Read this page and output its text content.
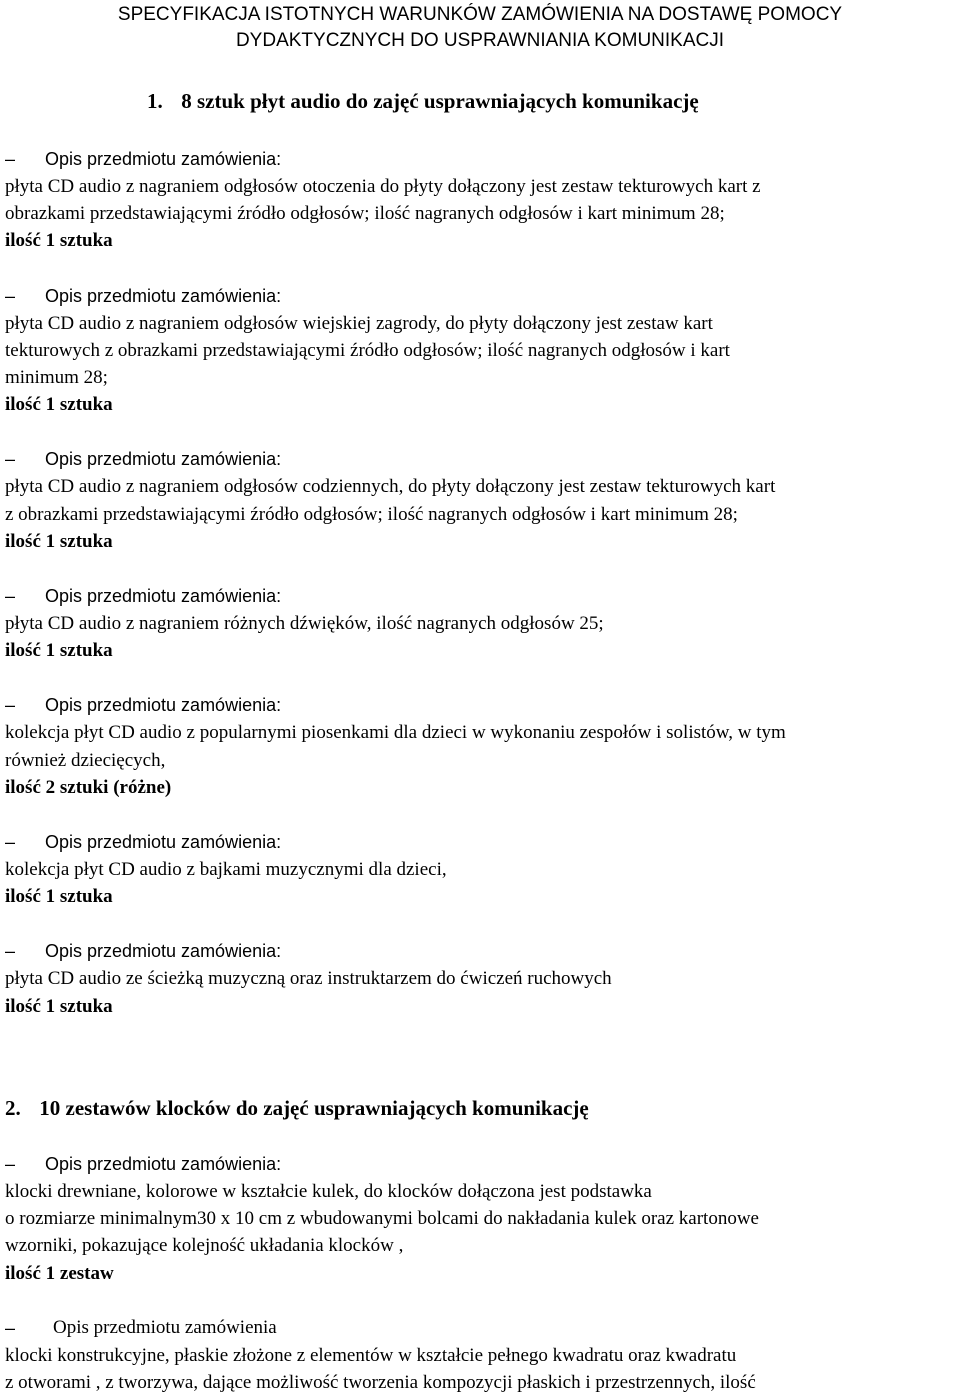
SPECYFIKACJA ISTOTNYCH WARUNKÓW ZAMÓWIENIA NA DOSTAWĘ POMOCY
DYDAKTYCZNYCH DO USPRAWNIANIA KOMUNIKACJI
1. 8 sztuk płyt audio do zajęć usprawniających komunikację
– Opis przedmiotu zamówienia:
płyta CD audio z nagraniem odgłosów otoczenia do płyty dołączony jest zestaw tekturowych kart z
obrazkami przedstawiającymi źródło odgłosów; ilość nagranych odgłosów i kart minimum 28;
ilość 1 sztuka
– Opis przedmiotu zamówienia:
płyta CD audio z nagraniem odgłosów wiejskiej zagrody, do płyty dołączony jest zestaw kart
tekturowych z obrazkami przedstawiającymi źródło odgłosów; ilość nagranych odgłosów i kart
minimum 28;
ilość 1 sztuka
– Opis przedmiotu zamówienia:
płyta CD audio z nagraniem odgłosów codziennych, do płyty dołączony jest zestaw tekturowych kart
z obrazkami przedstawiającymi źródło odgłosów; ilość nagranych odgłosów i kart minimum 28;
ilość 1 sztuka
– Opis przedmiotu zamówienia:
płyta CD audio z nagraniem różnych dźwięków, ilość nagranych odgłosów 25;
ilość 1 sztuka
– Opis przedmiotu zamówienia:
kolekcja płyt CD audio z popularnymi piosenkami dla dzieci w wykonaniu zespołów i solistów, w tym
również dziecięcych,
ilość 2 sztuki (różne)
– Opis przedmiotu zamówienia:
kolekcja płyt CD audio z bajkami muzycznymi dla dzieci,
ilość 1 sztuka
– Opis przedmiotu zamówienia:
płyta CD audio ze ścieżką muzyczną oraz instruktarzem do ćwiczeń ruchowych
ilość 1 sztuka
2. 10 zestawów klocków do zajęć usprawniających komunikację
– Opis przedmiotu zamówienia:
klocki drewniane, kolorowe w kształcie kulek, do klocków dołączona jest podstawka
o rozmiarze minimalnym30 x 10 cm z wbudowanymi bolcami do nakładania kulek oraz kartonowe
wzorniki, pokazujące kolejność układania klocków ,
ilość 1 zestaw
– Opis przedmiotu zamówienia
klocki konstrukcyjne, płaskie złożone z elementów w kształcie pełnego kwadratu oraz kwadratu
z otworami , z tworzywa, dające możliwość tworzenia kompozycji płaskich i przestrzennych, ilość
